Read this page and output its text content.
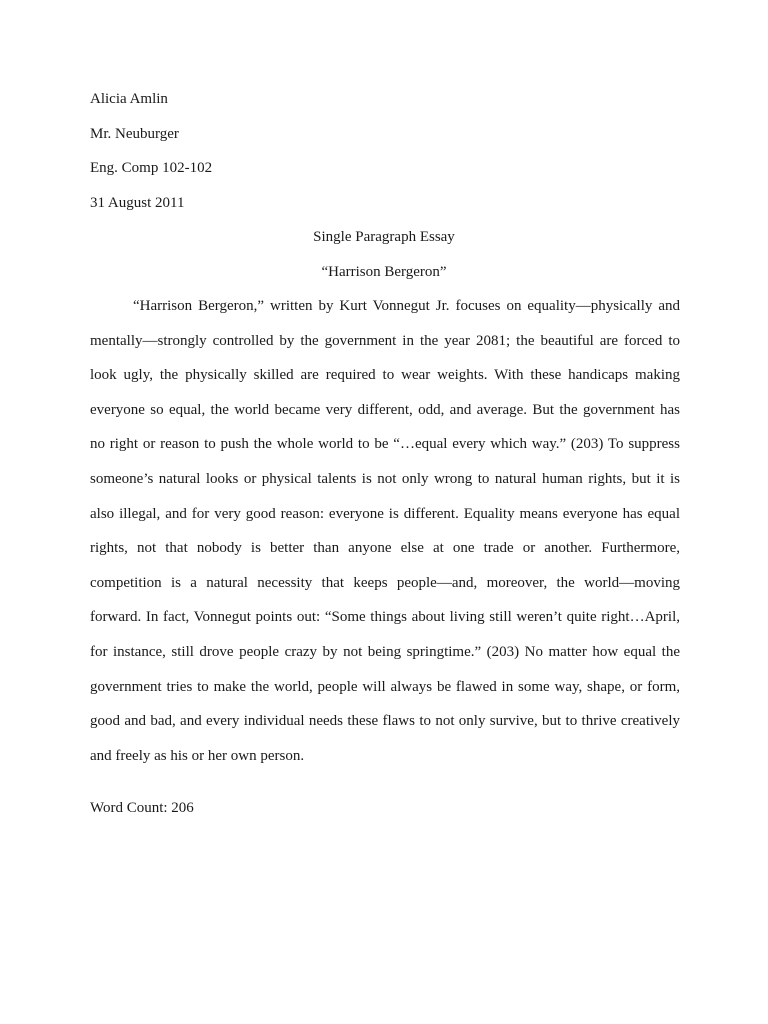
Alicia Amlin
Mr. Neuburger
Eng. Comp 102-102
31 August 2011
Single Paragraph Essay
“Harrison Bergeron”
“Harrison Bergeron,” written by Kurt Vonnegut Jr. focuses on equality—physically and
mentally—strongly controlled by the government in the year 2081; the beautiful are forced to
look ugly, the physically skilled are required to wear weights. With these handicaps making
everyone so equal, the world became very different, odd, and average. But the government has
no right or reason to push the whole world to be “…equal every which way.” (203) To suppress
someone’s natural looks or physical talents is not only wrong to natural human rights, but it is
also illegal, and for very good reason: everyone is different. Equality means everyone has equal
rights, not that nobody is better than anyone else at one trade or another. Furthermore,
competition is a natural necessity that keeps people—and, moreover, the world—moving
forward. In fact, Vonnegut points out: “Some things about living still weren’t quite right…April,
for instance, still drove people crazy by not being springtime.” (203) No matter how equal the
government tries to make the world, people will always be flawed in some way, shape, or form,
good and bad, and every individual needs these flaws to not only survive, but to thrive creatively
and freely as his or her own person.
Word Count: 206
